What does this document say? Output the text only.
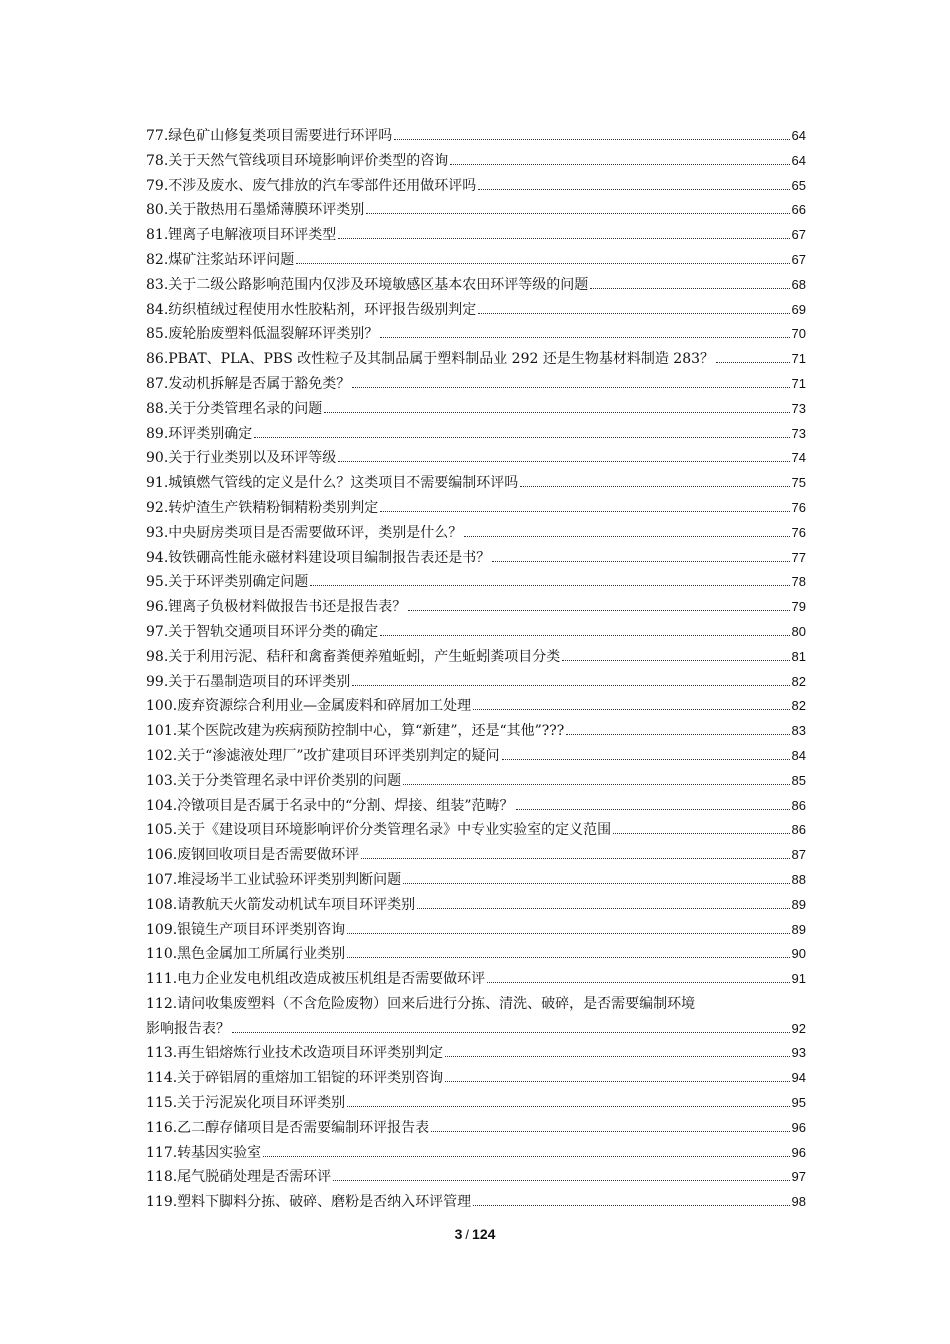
77. 绿色矿山修复类项目需要进行环评吗	64
78. 关于天然气管线项目环境影响评价类型的咨询	64
79. 不涉及废水、废气排放的汽车零部件还用做环评吗	65
80. 关于散热用石墨烯薄膜环评类别	66
81. 锂离子电解液项目环评类型	67
82. 煤矿注浆站环评问题	67
83. 关于二级公路影响范围内仅涉及环境敏感区基本农田环评等级的问题	68
84. 纺织植绒过程使用水性胶粘剂，环评报告级别判定	69
85. 废轮胎废塑料低温裂解环评类别？	70
86. PBAT、PLA、PBS 改性粒子及其制品属于塑料制品业 292 还是生物基材料制造 283？	71
87. 发动机拆解是否属于豁免类？	71
88. 关于分类管理名录的问题	73
89. 环评类别确定	73
90. 关于行业类别以及环评等级	74
91. 城镇燃气管线的定义是什么？这类项目不需要编制环评吗	75
92. 转炉渣生产铁精粉铜精粉类别判定	76
93. 中央厨房类项目是否需要做环评，类别是什么？	76
94. 钕铁硼高性能永磁材料建设项目编制报告表还是书？	77
95. 关于环评类别确定问题	78
96. 锂离子负极材料做报告书还是报告表？	79
97. 关于智轨交通项目环评分类的确定	80
98. 关于利用污泥、秸秆和禽畜粪便养殖蚯蚓，产生蚯蚓粪项目分类	81
99. 关于石墨制造项目的环评类别	82
100. 废弃资源综合利用业—金属废料和碎屑加工处理	82
101. 某个医院改建为疾病预防控制中心，算“新建”，还是“其他”???	83
102. 关于“渗滤液处理厂”改扩建项目环评类别判定的疑问	84
103. 关于分类管理名录中评价类别的问题	85
104. 冷镦项目是否属于名录中的“分割、焊接、组装”范畴？	86
105. 关于《建设项目环境影响评价分类管理名录》中专业实验室的定义范围	86
106. 废钢回收项目是否需要做环评	87
107. 堆浸场半工业试验环评类别判断问题	88
108. 请教航天火箭发动机试车项目环评类别	89
109. 银镜生产项目环评类别咨询	89
110. 黑色金属加工所属行业类别	90
111. 电力企业发电机组改造成被压机组是否需要做环评	91
112.请问收集废塑料（不含危险废物）回来后进行分拣、清洗、破碎，是否需要编制环境
影响报告表？	92
113. 再生铝熔炼行业技术改造项目环评类别判定	93
114. 关于碎铝屑的重熔加工铝锭的环评类别咨询	94
115. 关于污泥炭化项目环评类别	95
116. 乙二醇存储项目是否需要编制环评报告表	96
117. 转基因实验室	96
118. 尾气脱硝处理是否需环评	97
119. 塑料下脚料分拣、破碎、磨粉是否纳入环评管理	98
3 / 124
